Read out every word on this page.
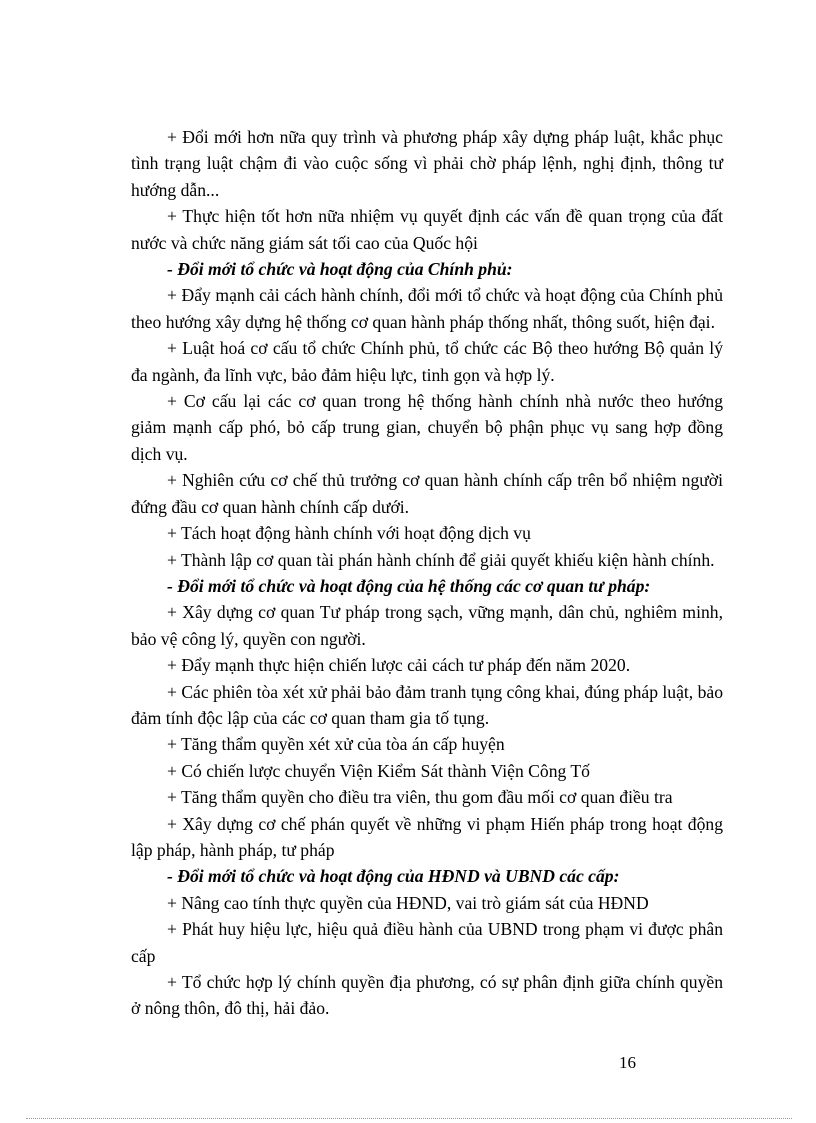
+ Đổi mới hơn nữa quy trình và phương pháp xây dựng pháp luật, khắc phục tình trạng luật chậm đi vào cuộc sống vì phải chờ pháp lệnh, nghị định, thông tư hướng dẫn...

+ Thực hiện tốt hơn nữa nhiệm vụ quyết định các vấn đề quan trọng của đất nước và chức năng giám sát tối cao của Quốc hội

- Đổi mới tổ chức và hoạt động của Chính phủ:

+ Đẩy mạnh cải cách hành chính, đổi mới tổ chức và hoạt động của Chính phủ theo hướng xây dựng hệ thống cơ quan hành pháp thống nhất, thông suốt, hiện đại.

+ Luật hoá cơ cấu tổ chức Chính phủ, tổ chức các Bộ theo hướng Bộ quản lý đa ngành, đa lĩnh vực, bảo đảm hiệu lực, tinh gọn và hợp lý.

+ Cơ cấu lại các cơ quan trong hệ thống hành chính nhà nước theo hướng giảm mạnh cấp phó, bỏ cấp trung gian, chuyển bộ phận phục vụ sang hợp đồng dịch vụ.

+ Nghiên cứu cơ chế thủ trưởng cơ quan hành chính cấp trên bổ nhiệm người đứng đầu cơ quan hành chính cấp dưới.

+ Tách hoạt động hành chính với hoạt động dịch vụ

+ Thành lập cơ quan tài phán hành chính để giải quyết khiếu kiện hành chính.

- Đổi mới tổ chức và hoạt động của hệ thống các cơ quan tư pháp:

+ Xây dựng cơ quan Tư pháp trong sạch, vững mạnh, dân chủ, nghiêm minh, bảo vệ công lý, quyền con người.

+ Đẩy mạnh thực hiện chiến lược cải cách tư pháp đến năm 2020.

+ Các phiên tòa xét xử phải bảo đảm tranh tụng công khai, đúng pháp luật, bảo đảm tính độc lập của các cơ quan tham gia tố tụng.

+ Tăng thẩm quyền xét xử của tòa án cấp huyện

+ Có chiến lược chuyển Viện Kiểm Sát thành Viện Công Tố

+ Tăng thẩm quyền cho điều tra viên, thu gom đầu mối cơ quan điều tra

+ Xây dựng cơ chế phán quyết về những vi phạm Hiến pháp trong hoạt động lập pháp, hành pháp, tư pháp

- Đổi mới tổ chức và hoạt động của HĐND và UBND các cấp:

+ Nâng cao tính thực quyền của HĐND, vai trò giám sát của HĐND

+ Phát huy hiệu lực, hiệu quả điều hành của UBND trong phạm vi được phân cấp

+ Tổ chức hợp lý chính quyền địa phương, có sự phân định giữa chính quyền ở nông thôn, đô thị, hải đảo.

16
